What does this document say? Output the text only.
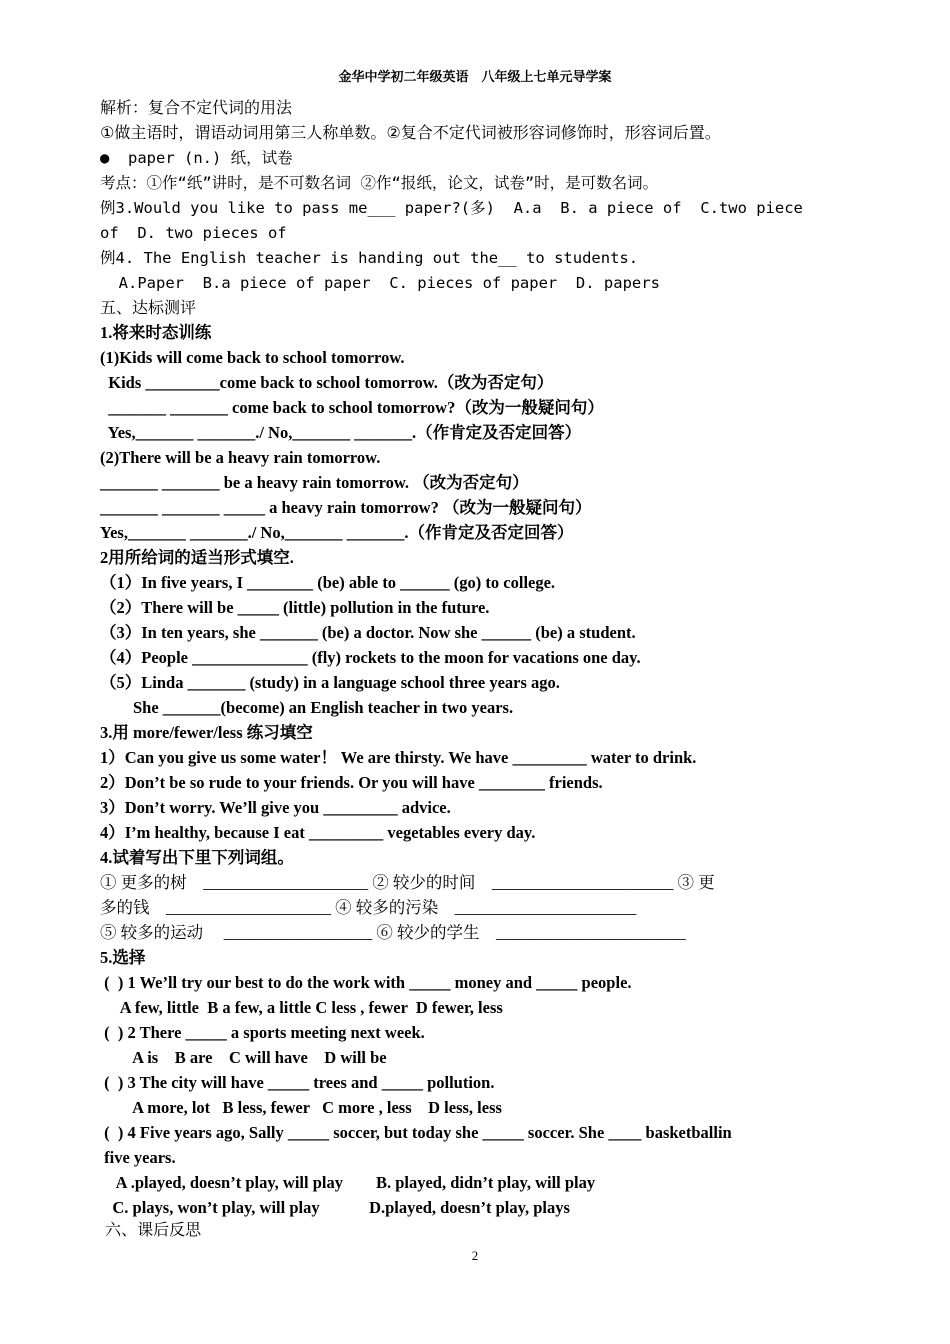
金华中学初二年级英语　八年级上七单元导学案
解析：复合不定代词的用法
①做主语时，谓语动词用第三人称单数。②复合不定代词被形容词修饰时，形容词后置。
●  paper (n.) 纸，试卷
考点：①作“纸”讲时，是不可数名词 ②作“报纸，论文，试卷”时，是可数名词。
例3.Would you like to pass me___ paper?(多)  A.a  B. a piece of  C.two piece
of  D. two pieces of
例4. The English teacher is handing out the__ to students.
A.Paper  B.a piece of paper  C. pieces of paper  D. papers
五、达标测评
1.将来时态训练
(1)Kids will come back to school tomorrow.
Kids _________come back to school tomorrow.（改为否定句）
_______ _______ come back to school tomorrow?（改为一般疑问句）
Yes,_______ _______./ No,_______ _______.（作肯定及否定回答）
(2)There will be a heavy rain tomorrow.
_______ _______ be a heavy rain tomorrow. （改为否定句）
_______ _______ _____ a heavy rain tomorrow? （改为一般疑问句）
Yes,_______ _______./ No,_______ _______.（作肯定及否定回答）
2用所给词的适当形式填空.
（1）In five years, I ________ (be) able to ______ (go) to college.
（2）There will be _____ (little) pollution in the future.
（3）In ten years, she _______ (be) a doctor. Now she ______ (be) a student.
（4）People ______________ (fly) rockets to the moon for vacations one day.
（5）Linda _______ (study) in a language school three years ago.
She _______(become) an English teacher in two years.
3.用 more/fewer/less 练习填空
1）Can you give us some water！ We are thirsty. We have _________ water to drink.
2）Don’t be so rude to your friends. Or you will have ________ friends.
3）Don’t worry. We’ll give you _________ advice.
4）I’m healthy, because I eat _________ vegetables every day.
4.试着写出下里下列词组。
① 更多的树    ____________________ ② 较少的时间    ______________________ ③ 更
多的钱    ____________________ ④ 较多的污染    ______________________
⑤ 较多的运动     __________________ ⑥ 较少的学生    _______________________
5.选择
(  ) 1 We’ll try our best to do the work with _____ money and _____ people.
A few, little  B a few, a little C less , fewer  D fewer, less
(  ) 2 There _____ a sports meeting next week.
A is    B are    C will have    D will be
(  ) 3 The city will have _____ trees and _____ pollution.
A more, lot   B less, fewer   C more , less    D less, less
(  ) 4 Five years ago, Sally _____ soccer, but today she _____ soccer. She ____ basketballin
five years.
A .played, doesn’t play, will play        B. played, didn’t play, will play
C. plays, won’t play, will play            D.played, doesn’t play, plays
六、课后反思
2
